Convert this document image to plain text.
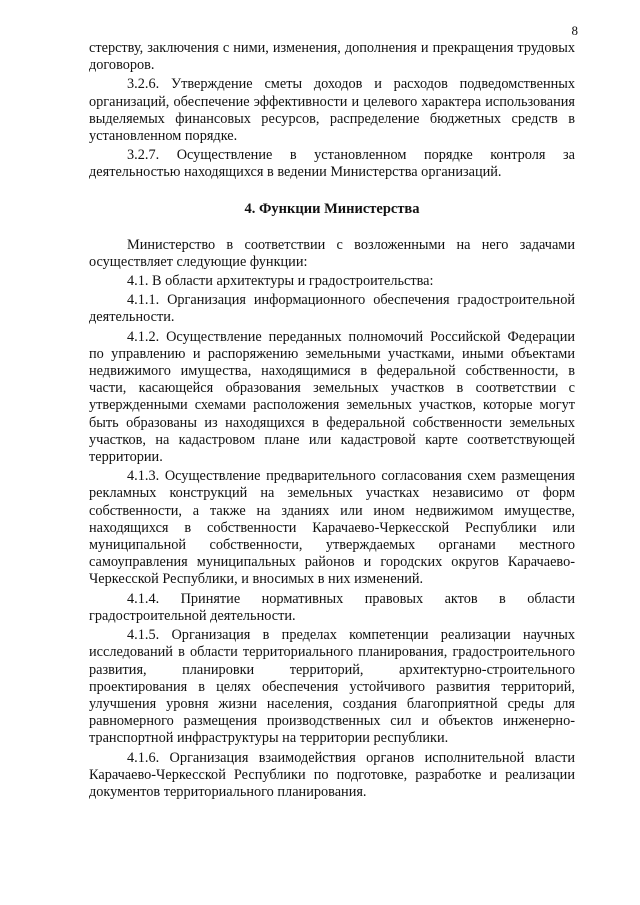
8

стерству, заключения с ними, изменения, дополнения и прекращения трудовых договоров.

3.2.6. Утверждение сметы доходов и расходов подведомственных организаций, обеспечение эффективности и целевого характера использования выделяемых финансовых ресурсов, распределение бюджетных средств в установленном порядке.

3.2.7. Осуществление в установленном порядке контроля за деятельностью находящихся в ведении Министерства организаций.

4. Функции Министерства

Министерство в соответствии с возложенными на него задачами осуществляет следующие функции:

4.1. В области архитектуры и градостроительства:

4.1.1. Организация информационного обеспечения градостроительной деятельности.

4.1.2. Осуществление переданных полномочий Российской Федерации по управлению и распоряжению земельными участками, иными объектами недвижимого имущества, находящимися в федеральной собственности, в части, касающейся образования земельных участков в соответствии с утвержденными схемами расположения земельных участков, которые могут быть образованы из находящихся в федеральной собственности земельных участков, на кадастровом плане или кадастровой карте соответствующей территории.

4.1.3. Осуществление предварительного согласования схем размещения рекламных конструкций на земельных участках независимо от форм собственности, а также на зданиях или ином недвижимом имуществе, находящихся в собственности Карачаево-Черкесской Республики или муниципальной собственности, утверждаемых органами местного самоуправления муниципальных районов и городских округов Карачаево-Черкесской Республики, и вносимых в них изменений.

4.1.4. Принятие нормативных правовых актов в области градостроительной деятельности.

4.1.5. Организация в пределах компетенции реализации научных исследований в области территориального планирования, градостроительного развития, планировки территорий, архитектурно-строительного проектирования в целях обеспечения устойчивого развития территорий, улучшения уровня жизни населения, создания благоприятной среды для равномерного размещения производственных сил и объектов инженерно-транспортной инфраструктуры на территории республики.

4.1.6. Организация взаимодействия органов исполнительной власти Карачаево-Черкесской Республики по подготовке, разработке и реализации документов территориального планирования.
